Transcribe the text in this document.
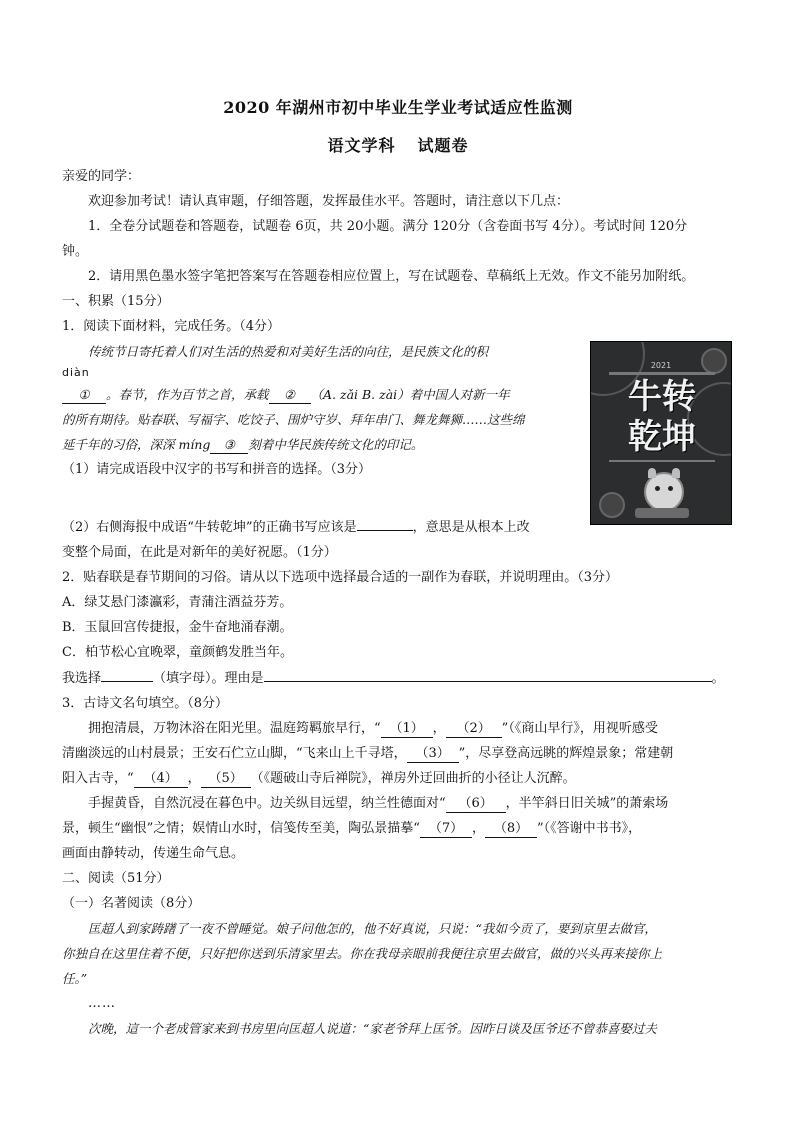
2020 年湖州市初中毕业生学业考试适应性监测

语文学科 试题卷

亲爱的同学：

欢迎参加考试！请认真审题，仔细答题，发挥最佳水平。答题时，请注意以下几点：

1．全卷分试题卷和答题卷，试题卷 6页，共 20小题。满分 120分（含卷面书写 4分）。考试时间 120分

钟。

2．请用黑色墨水签字笔把答案写在答题卷相应位置上，写在试题卷、草稿纸上无效。作文不能另加附纸。

一、积累（15分）

1．阅读下面材料，完成任务。（4分）

传统节日寄托着人们对生活的热爱和对美好生活的向往，是民族文化的积

diàn

① 。春节，作为百节之首，承载 ② （A. zǎi B. zài）着中国人对新一年

的所有期待。贴春联、写福字、吃饺子、围炉守岁、拜年串门、舞龙舞狮……这些绵

延千年的习俗，深深 míng ③ 刻着中华民族传统文化的印记。

（1）请完成语段中汉字的书写和拼音的选择。（3分）

2021
牛转
乾坤

（2）右侧海报中成语“牛转乾坤”的正确书写应该是	，意思是从根本上改

变整个局面，在此是对新年的美好祝愿。（1分）

2．贴春联是春节期间的习俗。请从以下选项中选择最合适的一副作为春联，并说明理由。（3分）

A．绿艾悬门漆瀛彩，青蒲注酒益芬芳。

B．玉鼠回宫传捷报，金牛奋地涌春潮。

C．柏节松心宜晚翠，童颜鹤发胜当年。

我选择	（填字母）。理由是	。

3．古诗文名句填空。（8分）

拥抱清晨，万物沐浴在阳光里。温庭筠羁旅早行，“ （1） ， （2） ”（《商山早行》，用视听感受

清幽淡远的山村晨景；王安石伫立山脚，“飞来山上千寻塔， （3） ”，尽享登高远眺的辉煌景象；常建朝

阳入古寺，“ （4） ， （5） （《题破山寺后禅院》，禅房外迂回曲折的小径让人沉醉。

手握黄昏，自然沉浸在暮色中。边关纵目远望，纳兰性德面对“ （6） ，半竿斜日旧关城”的萧索场

景，顿生“幽恨”之情；娱情山水时，信笺传至美，陶弘景描摹“ （7） ， （8） ”（《答谢中书书》，

画面由静转动，传递生命气息。

二、阅读（51分）

（一）名著阅读（8分）

匡超人到家踌躇了一夜不曾睡觉。娘子问他怎的，他不好真说，只说：“我如今贡了，要到京里去做官，

你独自在这里住着不便，只好把你送到乐清家里去。你在我母亲眼前我便往京里去做官，做的兴头再来接你上

任。”

……

次晚，這一个老成管家来到书房里向匡超人说道：“家老爷拜上匡爷。因昨日谈及匡爷还不曾恭喜娶过夫
